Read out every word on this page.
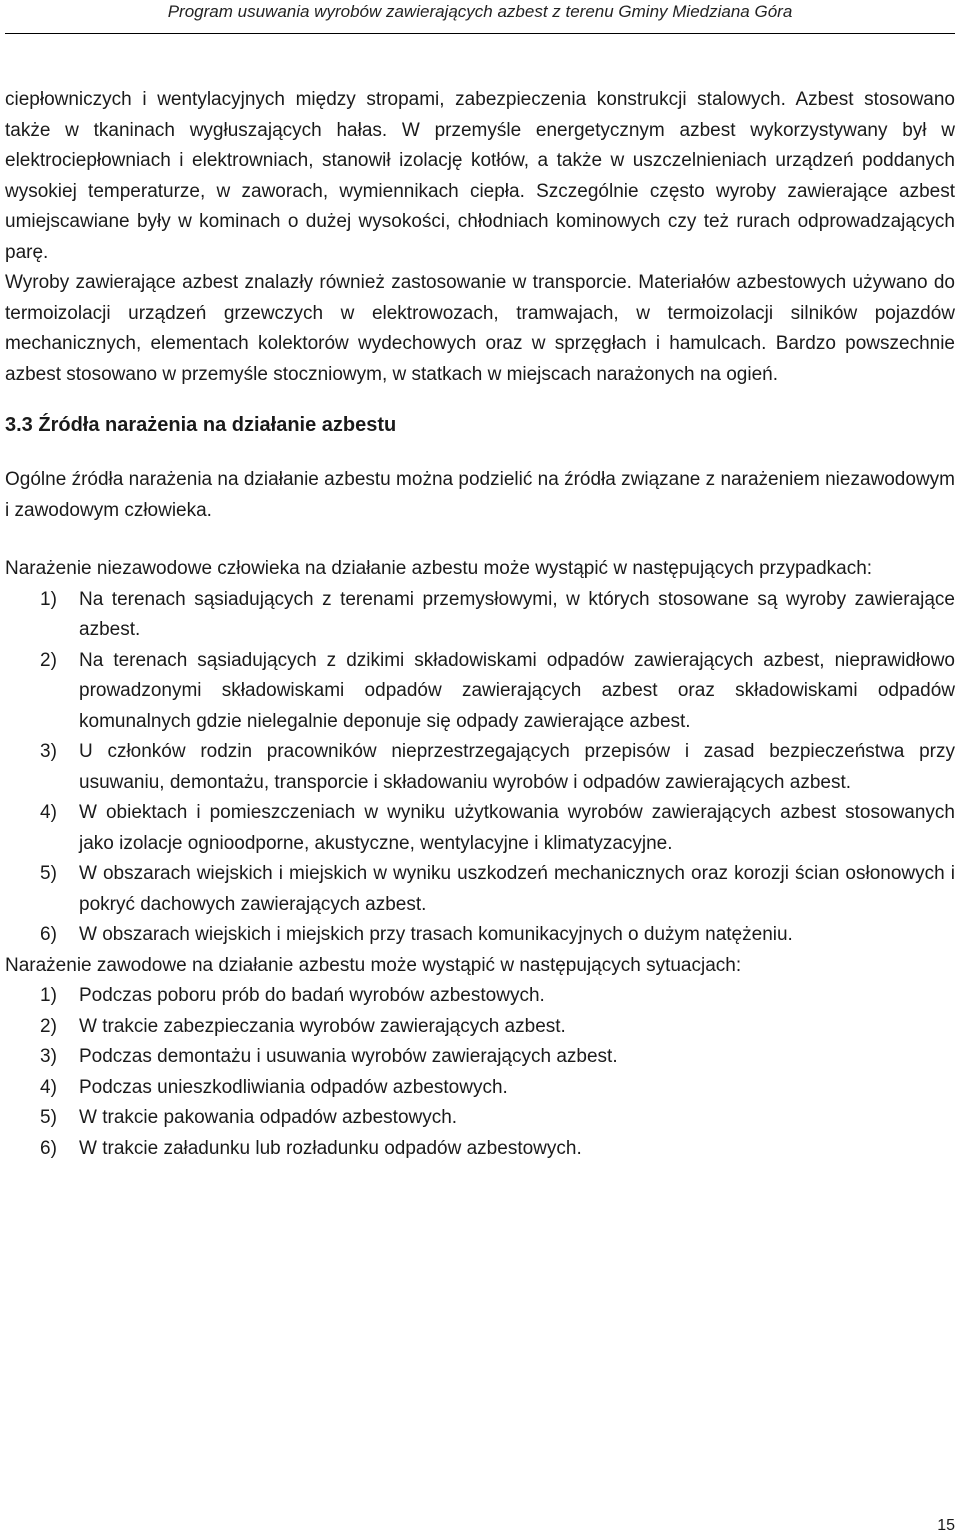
Program usuwania wyrobów zawierających azbest z terenu Gminy Miedziana Góra

ciepłowniczych i wentylacyjnych między stropami, zabezpieczenia konstrukcji stalowych. Azbest stosowano także w tkaninach wygłuszających hałas. W przemyśle energetycznym azbest wykorzystywany był w elektrociepłowniach i elektrowniach, stanowił izolację kotłów, a także w uszczelnieniach urządzeń poddanych wysokiej temperaturze, w zaworach, wymiennikach ciepła. Szczególnie często wyroby zawierające azbest umiejscawiane były w kominach o dużej wysokości, chłodniach kominowych czy też rurach odprowadzających parę.

Wyroby zawierające azbest znalazły również zastosowanie w transporcie. Materiałów azbestowych używano do termoizolacji urządzeń grzewczych w elektrowozach, tramwajach, w termoizolacji silników pojazdów mechanicznych, elementach kolektorów wydechowych oraz w sprzęgłach i hamulcach. Bardzo powszechnie azbest stosowano w przemyśle stoczniowym, w statkach w miejscach narażonych na ogień.

3.3 Źródła narażenia na działanie azbestu

Ogólne źródła narażenia na działanie azbestu można podzielić na źródła związane z narażeniem niezawodowym i zawodowym człowieka.

Narażenie niezawodowe człowieka na działanie azbestu może wystąpić w następujących przypadkach:

1) Na terenach sąsiadujących z terenami przemysłowymi, w których stosowane są wyroby zawierające azbest.
2) Na terenach sąsiadujących z dzikimi składowiskami odpadów zawierających azbest, nieprawidłowo prowadzonymi składowiskami odpadów zawierających azbest oraz składowiskami odpadów komunalnych gdzie nielegalnie deponuje się odpady zawierające azbest.
3) U członków rodzin pracowników nieprzestrzegających przepisów i zasad bezpieczeństwa przy usuwaniu, demontażu, transporcie i składowaniu wyrobów i odpadów zawierających azbest.
4) W obiektach i pomieszczeniach w wyniku użytkowania wyrobów zawierających azbest stosowanych jako izolacje ognioodporne, akustyczne, wentylacyjne i klimatyzacyjne.
5) W obszarach wiejskich i miejskich w wyniku uszkodzeń mechanicznych oraz korozji ścian osłonowych i pokryć dachowych zawierających azbest.
6) W obszarach wiejskich i miejskich przy trasach komunikacyjnych o dużym natężeniu.

Narażenie zawodowe na działanie azbestu może wystąpić w następujących sytuacjach:

1) Podczas poboru prób do badań wyrobów azbestowych.
2) W trakcie zabezpieczania wyrobów zawierających azbest.
3) Podczas demontażu i usuwania wyrobów zawierających azbest.
4) Podczas unieszkodliwiania odpadów azbestowych.
5) W trakcie pakowania odpadów azbestowych.
6) W trakcie załadunku lub rozładunku odpadów azbestowych.
15
